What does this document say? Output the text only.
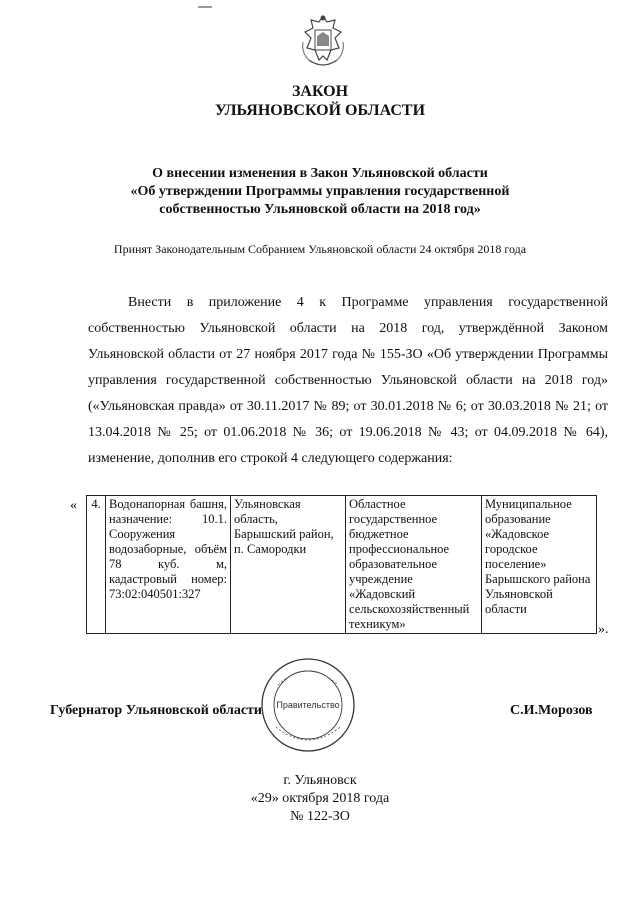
ЗАКОН
УЛЬЯНОВСКОЙ ОБЛАСТИ
О внесении изменения в Закон Ульяновской области
«Об утверждении Программы управления государственной
собственностью Ульяновской области на 2018 год»
Принят Законодательным Собранием Ульяновской области 24 октября 2018 года
Внести в приложение 4 к Программе управления государственной собственностью Ульяновской области на 2018 год, утверждённой Законом Ульяновской области от 27 ноября 2017 года № 155-ЗО «Об утверждении Программы управления государственной собственностью Ульяновской области на 2018 год» («Ульяновская правда» от 30.11.2017 № 89; от 30.01.2018 № 6; от 30.03.2018 № 21; от 13.04.2018 № 25; от 01.06.2018 № 36; от 19.06.2018 № 43; от 04.09.2018 № 64), изменение, дополнив его строкой 4 следующего содержания:
« 4.	Водонапорная башня, назначение: 10.1. Сооружения водозаборные, объём 78 куб. м, кадастровый номер: 73:02:040501:327	Ульяновская область, Барышский район, п. Самородки	Областное государственное бюджетное профессиональное образовательное учреждение «Жадовский сельскохозяйственный техникум»	Муниципальное образование «Жадовское городское поселение» Барышского района Ульяновской области
».
Губернатор Ульяновской области Правительство	С.И.Морозов
г. Ульяновск
«29» октября 2018 года
№ 122-ЗО
